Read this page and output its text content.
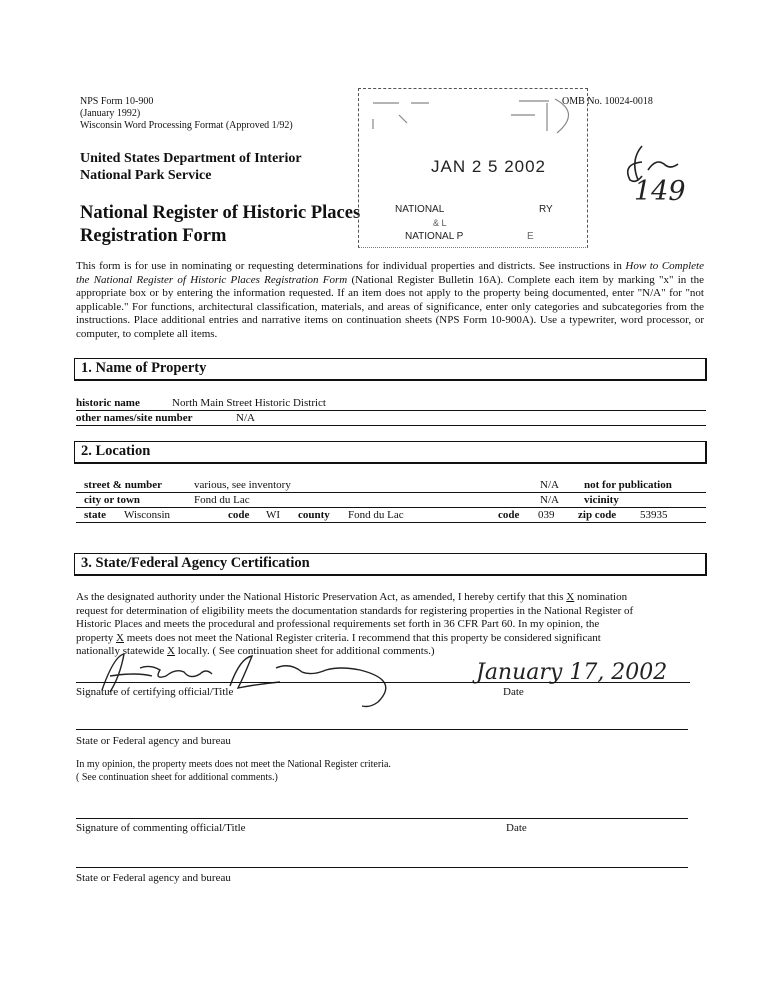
NPS Form 10-900
(January 1992)
Wisconsin Word Processing Format (Approved 1/92)
OMB No. 10024-0018
United States Department of Interior
National Park Service
National Register of Historic Places
Registration Form
JAN 2 5 2002
NATIONAL	RY
& L
NATIONAL P	E
149
This form is for use in nominating or requesting determinations for individual properties and districts. See instructions in How to Complete the National Register of Historic Places Registration Form (National Register Bulletin 16A). Complete each item by marking "x" in the appropriate box or by entering the information requested. If an item does not apply to the property being documented, enter "N/A" for "not applicable." For functions, architectural classification, materials, and areas of significance, enter only categories and subcategories from the instructions. Place additional entries and narrative items on continuation sheets (NPS Form 10-900A). Use a typewriter, word processor, or computer, to complete all items.
1. Name of Property
historic name	North Main Street Historic District
other names/site number	N/A
2. Location
street & number	various, see inventory	N/A not for publication
city or town	Fond du Lac	N/A vicinity
state Wisconsin	code WI county Fond du Lac	code 039 zip code 53935
3. State/Federal Agency Certification
As the designated authority under the National Historic Preservation Act, as amended, I hereby certify that this X nomination
request for determination of eligibility meets the documentation standards for registering properties in the National Register of
Historic Places and meets the procedural and professional requirements set forth in 36 CFR Part 60. In my opinion, the
property X meets does not meet the National Register criteria. I recommend that this property be considered significant
nationally statewide X locally. ( See continuation sheet for additional comments.)
January 17, 2002
Signature of certifying official/Title	Date
State or Federal agency and bureau
In my opinion, the property meets does not meet the National Register criteria.
( See continuation sheet for additional comments.)
Signature of commenting official/Title	Date
State or Federal agency and bureau
